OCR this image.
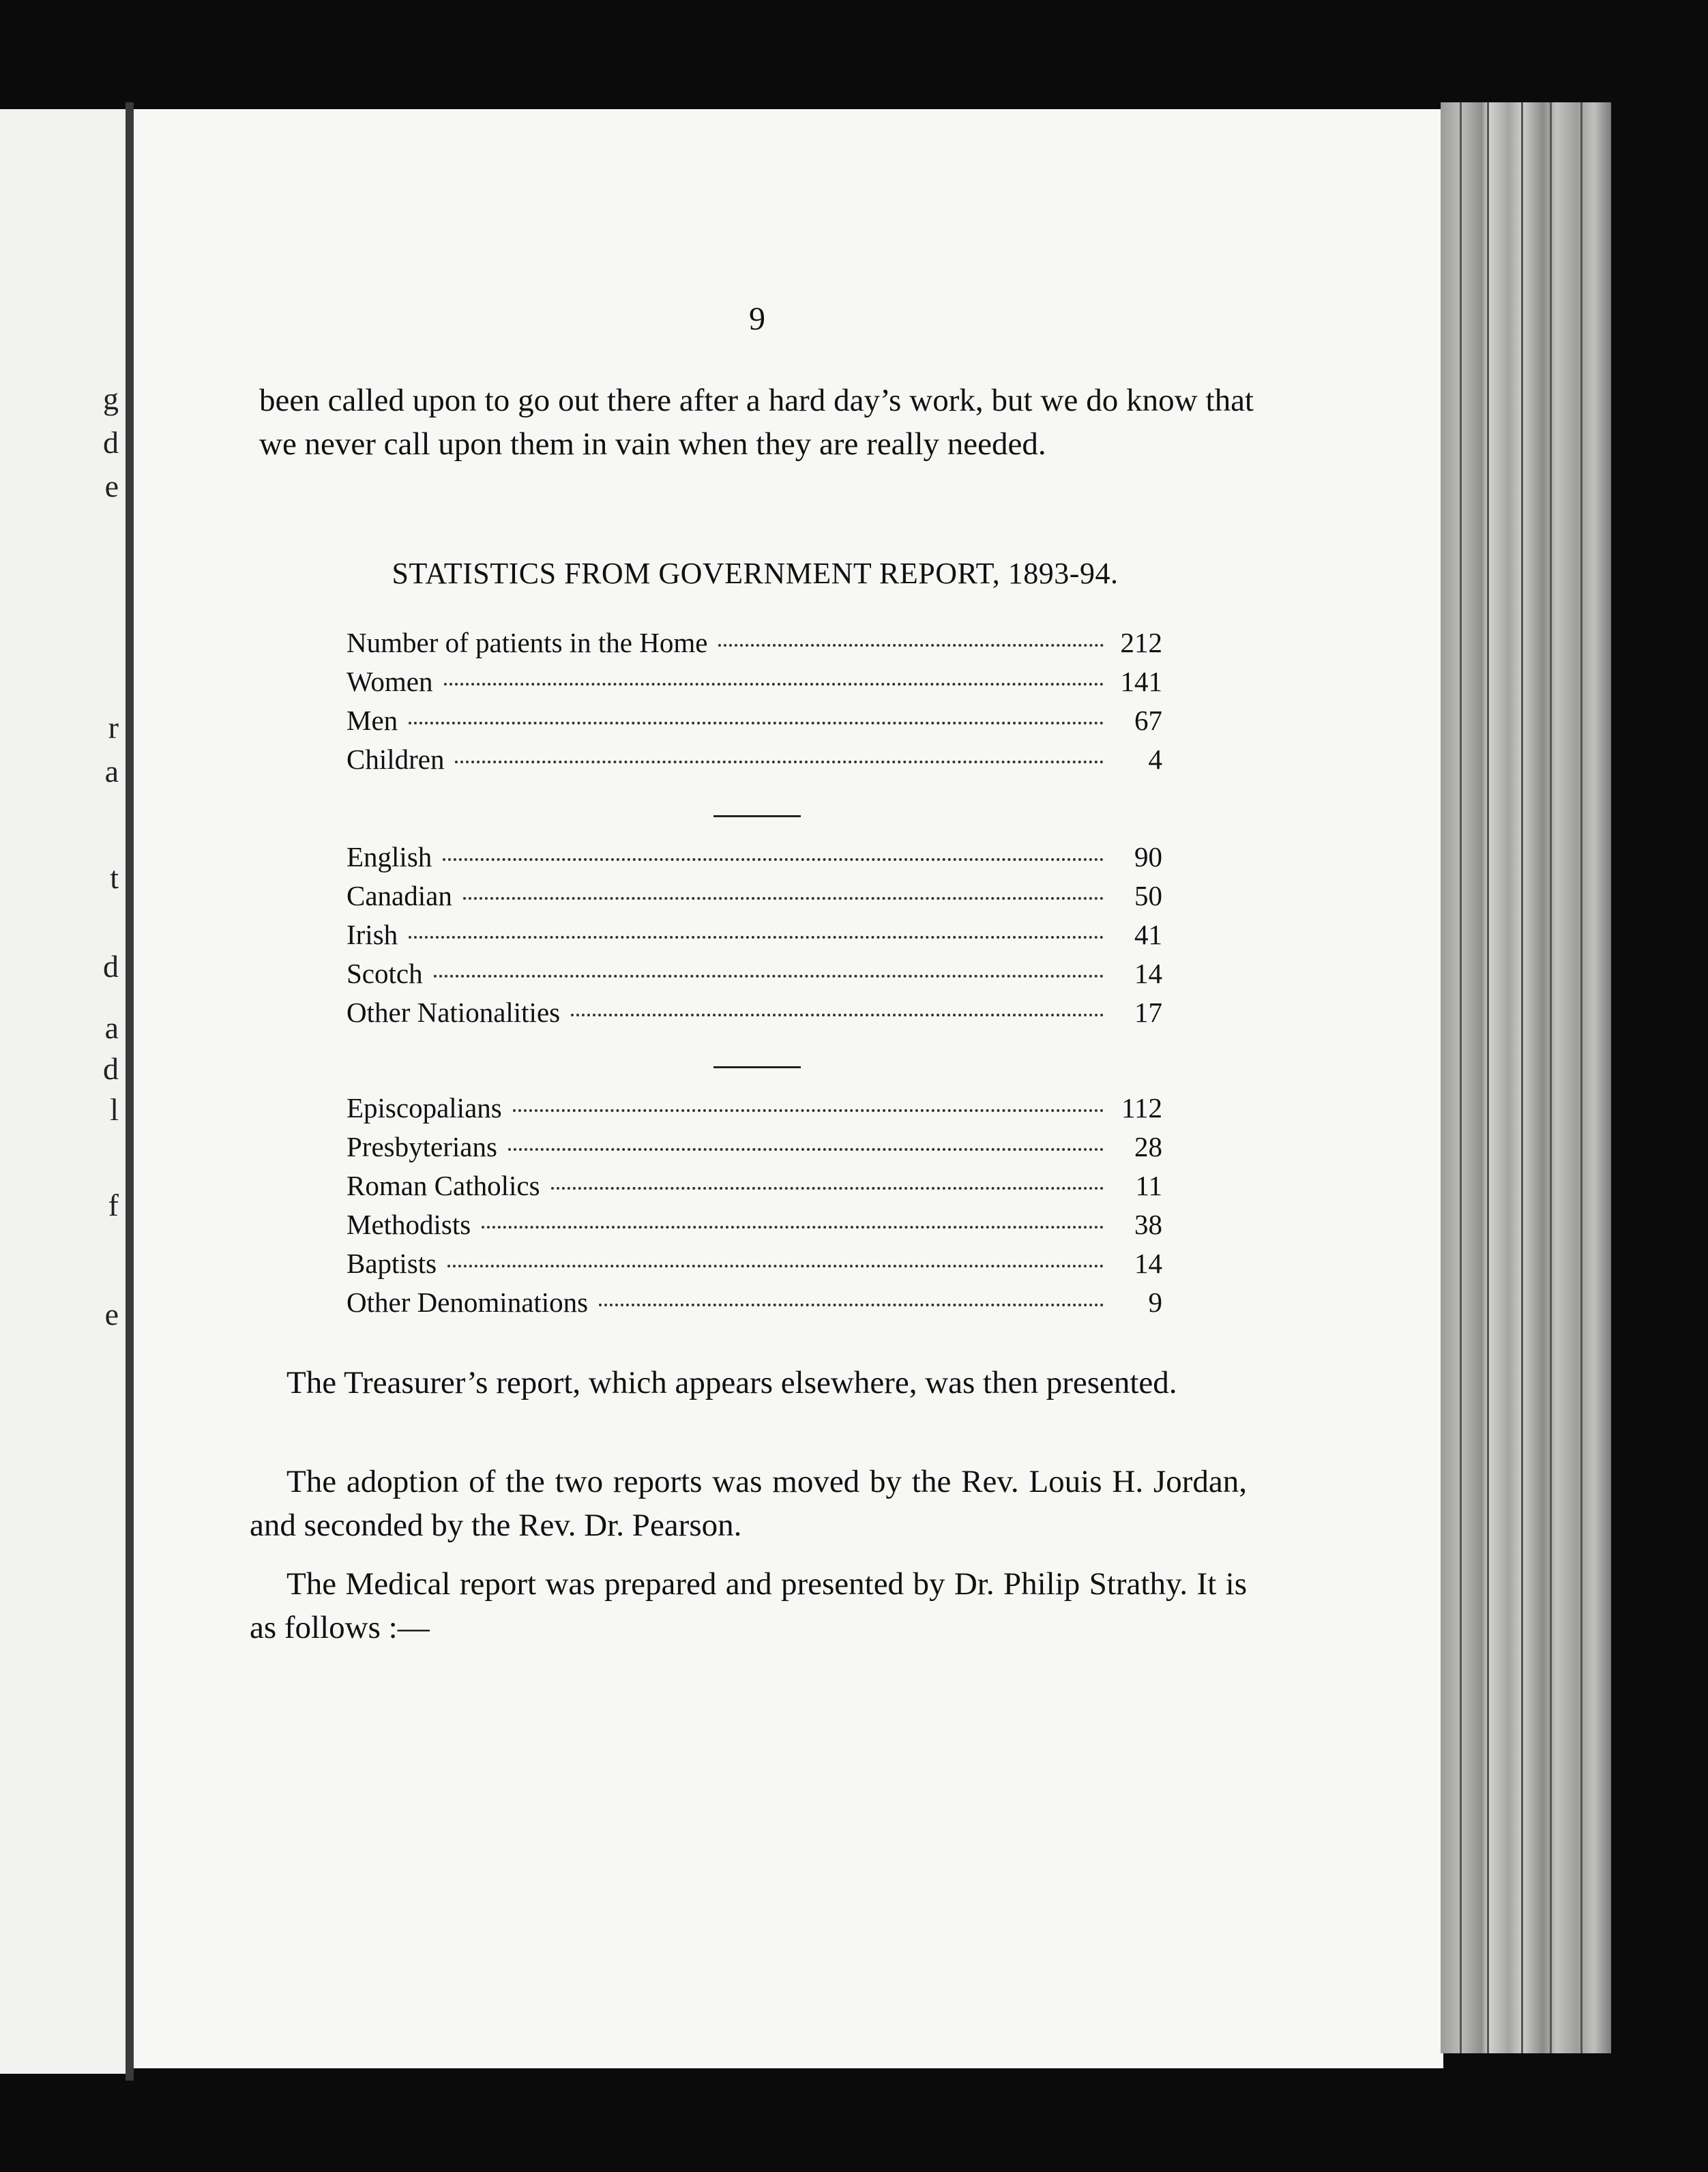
g
d
e
r
a
t
d
a
d
l
f
e
9
been called upon to go out there after a hard day’s work, but we do know that we never call upon them in vain when they are really needed.
STATISTICS FROM GOVERNMENT REPORT, 1893-94.
Number of patients in the Home	212
Women	141
Men	67
Children	4
English	90
Canadian	50
Irish	41
Scotch	14
Other Nationalities	17
Episcopalians	112
Presbyterians	28
Roman Catholics	11
Methodists	38
Baptists	14
Other Denominations	9
The Treasurer’s report, which appears elsewhere, was then presented.
The adoption of the two reports was moved by the Rev. Louis H. Jordan, and seconded by the Rev. Dr. Pearson.
The Medical report was prepared and presented by Dr. Philip Strathy. It is as follows :—
